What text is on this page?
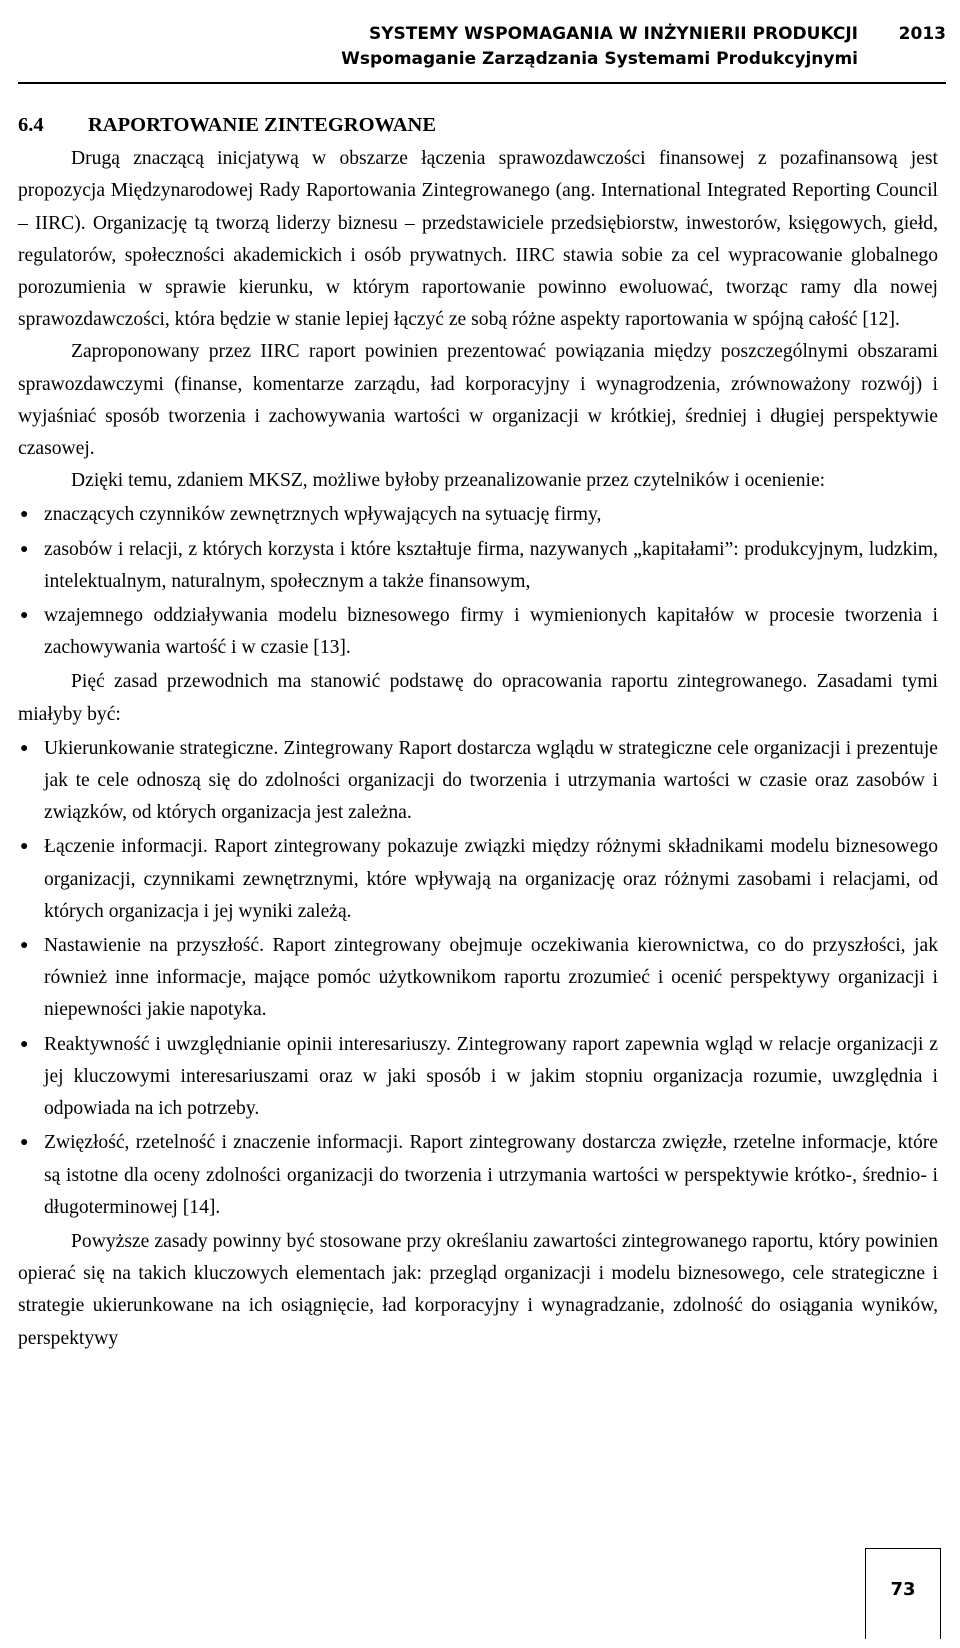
SYSTEMY WSPOMAGANIA W INŻYNIERII PRODUKCJI
Wspomaganie Zarządzania Systemami Produkcyjnymi
2013
6.4 RAPORTOWANIE ZINTEGROWANE

Drugą znaczącą inicjatywą w obszarze łączenia sprawozdawczości finansowej z pozafinansową jest propozycja Międzynarodowej Rady Raportowania Zintegrowanego (ang. International Integrated Reporting Council – IIRC). Organizację tą tworzą liderzy biznesu – przedstawiciele przedsiębiorstw, inwestorów, księgowych, giełd, regulatorów, społeczności akademickich i osób prywatnych. IIRC stawia sobie za cel wypracowanie globalnego porozumienia w sprawie kierunku, w którym raportowanie powinno ewoluować, tworząc ramy dla nowej sprawozdawczości, która będzie w stanie lepiej łączyć ze sobą różne aspekty raportowania w spójną całość [12].

Zaproponowany przez IIRC raport powinien prezentować powiązania między poszczególnymi obszarami sprawozdawczymi (finanse, komentarze zarządu, ład korporacyjny i wynagrodzenia, zrównoważony rozwój) i wyjaśniać sposób tworzenia i zachowywania wartości w organizacji w krótkiej, średniej i długiej perspektywie czasowej.

Dzięki temu, zdaniem MKSZ, możliwe byłoby przeanalizowanie przez czytelników i ocenienie:

● znaczących czynników zewnętrznych wpływających na sytuację firmy,
● zasobów i relacji, z których korzysta i które kształtuje firma, nazywanych „kapitałami”: produkcyjnym, ludzkim, intelektualnym, naturalnym, społecznym a także finansowym,
● wzajemnego oddziaływania modelu biznesowego firmy i wymienionych kapitałów w procesie tworzenia i zachowywania wartość i w czasie [13].

Pięć zasad przewodnich ma stanowić podstawę do opracowania raportu zintegrowanego. Zasadami tymi miałyby być:

● Ukierunkowanie strategiczne. Zintegrowany Raport dostarcza wglądu w strategiczne cele organizacji i prezentuje jak te cele odnoszą się do zdolności organizacji do tworzenia i utrzymania wartości w czasie oraz zasobów i związków, od których organizacja jest zależna.
● Łączenie informacji. Raport zintegrowany pokazuje związki między różnymi składnikami modelu biznesowego organizacji, czynnikami zewnętrznymi, które wpływają na organizację oraz różnymi zasobami i relacjami, od których organizacja i jej wyniki zależą.
● Nastawienie na przyszłość. Raport zintegrowany obejmuje oczekiwania kierownictwa, co do przyszłości, jak również inne informacje, mające pomóc użytkownikom raportu zrozumieć i ocenić perspektywy organizacji i niepewności jakie napotyka.
● Reaktywność i uwzględnianie opinii interesariuszy. Zintegrowany raport zapewnia wgląd w relacje organizacji z jej kluczowymi interesariuszami oraz w jaki sposób i w jakim stopniu organizacja rozumie, uwzględnia i odpowiada na ich potrzeby.
● Zwięzłość, rzetelność i znaczenie informacji. Raport zintegrowany dostarcza zwięzłe, rzetelne informacje, które są istotne dla oceny zdolności organizacji do tworzenia i utrzymania wartości w perspektywie krótko-, średnio- i długoterminowej [14].

Powyższe zasady powinny być stosowane przy określaniu zawartości zintegrowanego raportu, który powinien opierać się na takich kluczowych elementach jak: przegląd organizacji i modelu biznesowego, cele strategiczne i strategie ukierunkowane na ich osiągnięcie, ład korporacyjny i wynagradzanie, zdolność do osiągania wyników, perspektywy

73
